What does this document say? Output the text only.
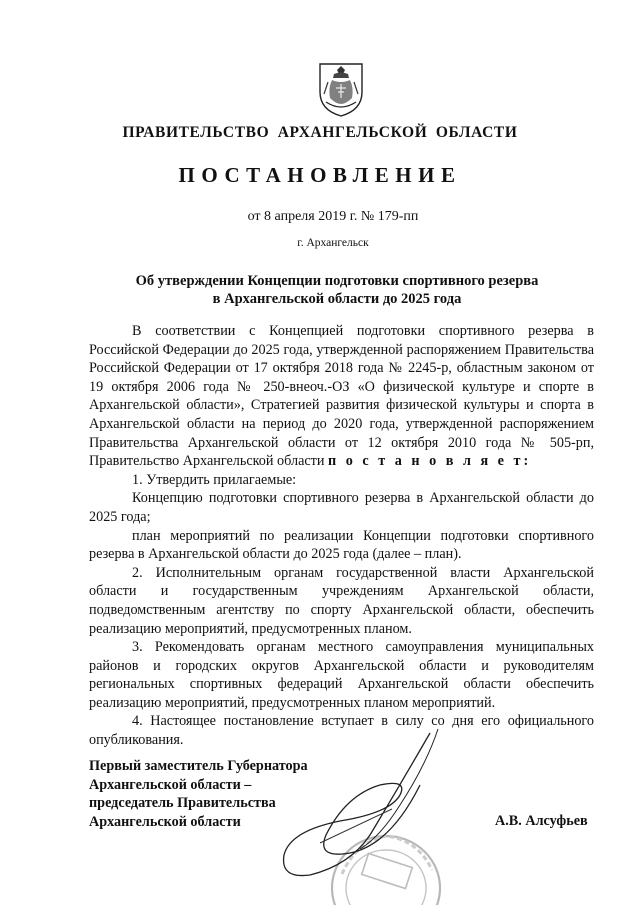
ПРАВИТЕЛЬСТВО АРХАНГЕЛЬСКОЙ ОБЛАСТИ
ПОСТАНОВЛЕНИЕ
от 8 апреля 2019 г. № 179-пп
г. Архангельск
Об утверждении Концепции подготовки спортивного резерва
в Архангельской области до 2025 года

В соответствии с Концепцией подготовки спортивного резерва в Российской Федерации до 2025 года, утвержденной распоряжением Правительства Российской Федерации от 17 октября 2018 года № 2245-р, областным законом от 19 октября 2006 года № 250-внеоч.-ОЗ «О физической культуре и спорте в Архангельской области», Стратегией развития физической культуры и спорта в Архангельской области на период до 2020 года, утвержденной распоряжением Правительства Архангельской области от 12 октября 2010 года № 505-рп, Правительство Архангельской области п о с т а н о в л я е т:

1. Утвердить прилагаемые:

Концепцию подготовки спортивного резерва в Архангельской области до 2025 года;

план мероприятий по реализации Концепции подготовки спортивного резерва в Архангельской области до 2025 года (далее – план).

2. Исполнительным органам государственной власти Архангельской области и государственным учреждениям Архангельской области, подведомственным агентству по спорту Архангельской области, обеспечить реализацию мероприятий, предусмотренных планом.

3. Рекомендовать органам местного самоуправления муниципальных районов и городских округов Архангельской области и руководителям региональных спортивных федераций Архангельской области обеспечить реализацию мероприятий, предусмотренных планом мероприятий.

4. Настоящее постановление вступает в силу со дня его официального опубликования.

Первый заместитель Губернатора
Архангельской области –
председатель Правительства
Архангельской области	А.В. Алсуфьев
